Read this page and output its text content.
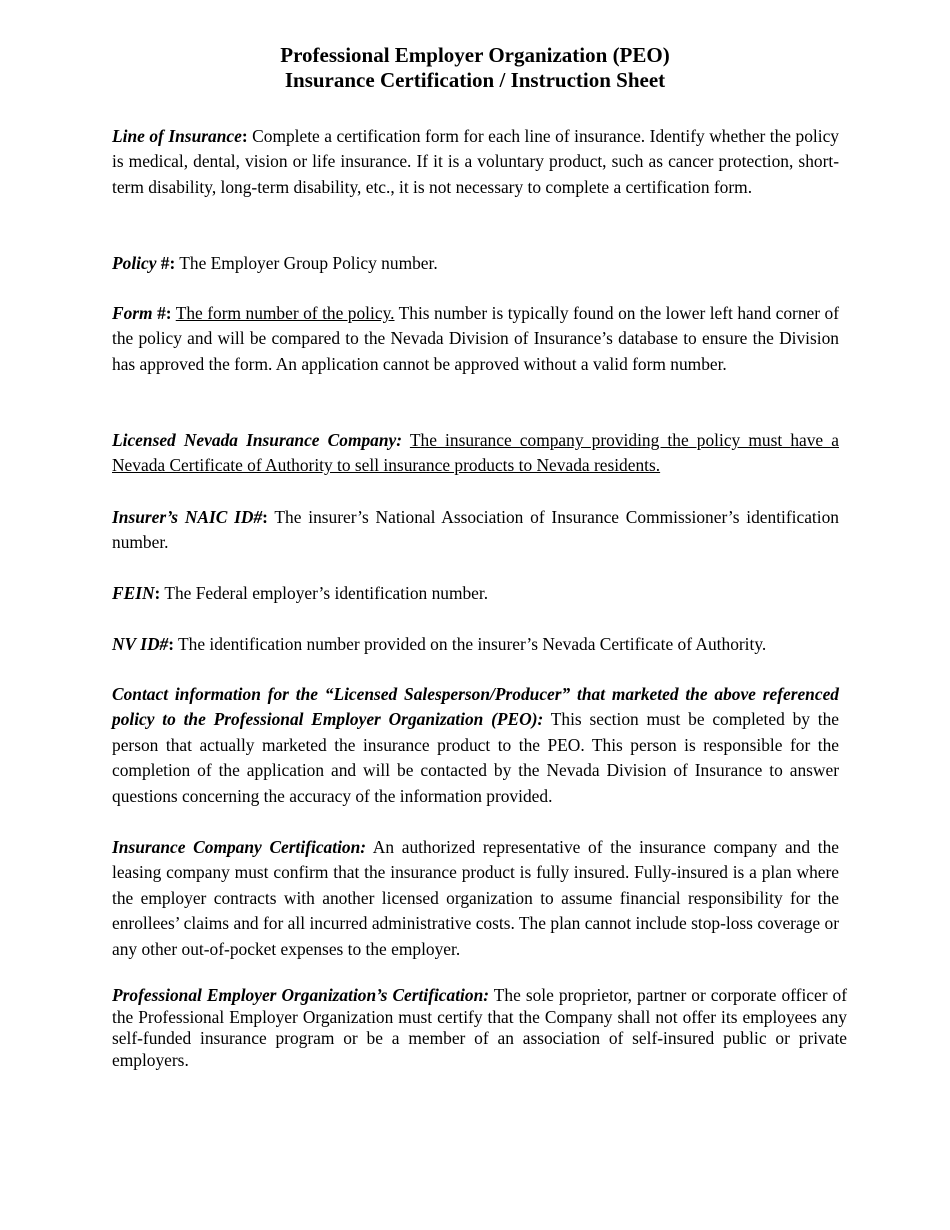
Professional Employer Organization (PEO)
Insurance Certification / Instruction Sheet

Line of Insurance: Complete a certification form for each line of insurance. Identify whether the policy is medical, dental, vision or life insurance. If it is a voluntary product, such as cancer protection, short-term disability, long-term disability, etc., it is not necessary to complete a certification form.

Policy #: The Employer Group Policy number.

Form #: The form number of the policy. This number is typically found on the lower left hand corner of the policy and will be compared to the Nevada Division of Insurance’s database to ensure the Division has approved the form. An application cannot be approved without a valid form number.

Licensed Nevada Insurance Company: The insurance company providing the policy must have a Nevada Certificate of Authority to sell insurance products to Nevada residents.

Insurer’s NAIC ID#: The insurer’s National Association of Insurance Commissioner’s identification number.

FEIN: The Federal employer’s identification number.

NV ID#: The identification number provided on the insurer’s Nevada Certificate of Authority.

Contact information for the “Licensed Salesperson/Producer” that marketed the above referenced policy to the Professional Employer Organization (PEO): This section must be completed by the person that actually marketed the insurance product to the PEO. This person is responsible for the completion of the application and will be contacted by the Nevada Division of Insurance to answer questions concerning the accuracy of the information provided.

Insurance Company Certification: An authorized representative of the insurance company and the leasing company must confirm that the insurance product is fully insured. Fully-insured is a plan where the employer contracts with another licensed organization to assume financial responsibility for the enrollees’ claims and for all incurred administrative costs. The plan cannot include stop-loss coverage or any other out-of-pocket expenses to the employer.

Professional Employer Organization’s Certification: The sole proprietor, partner or corporate officer of the Professional Employer Organization must certify that the Company shall not offer its employees any self-funded insurance program or be a member of an association of self-insured public or private employers.
